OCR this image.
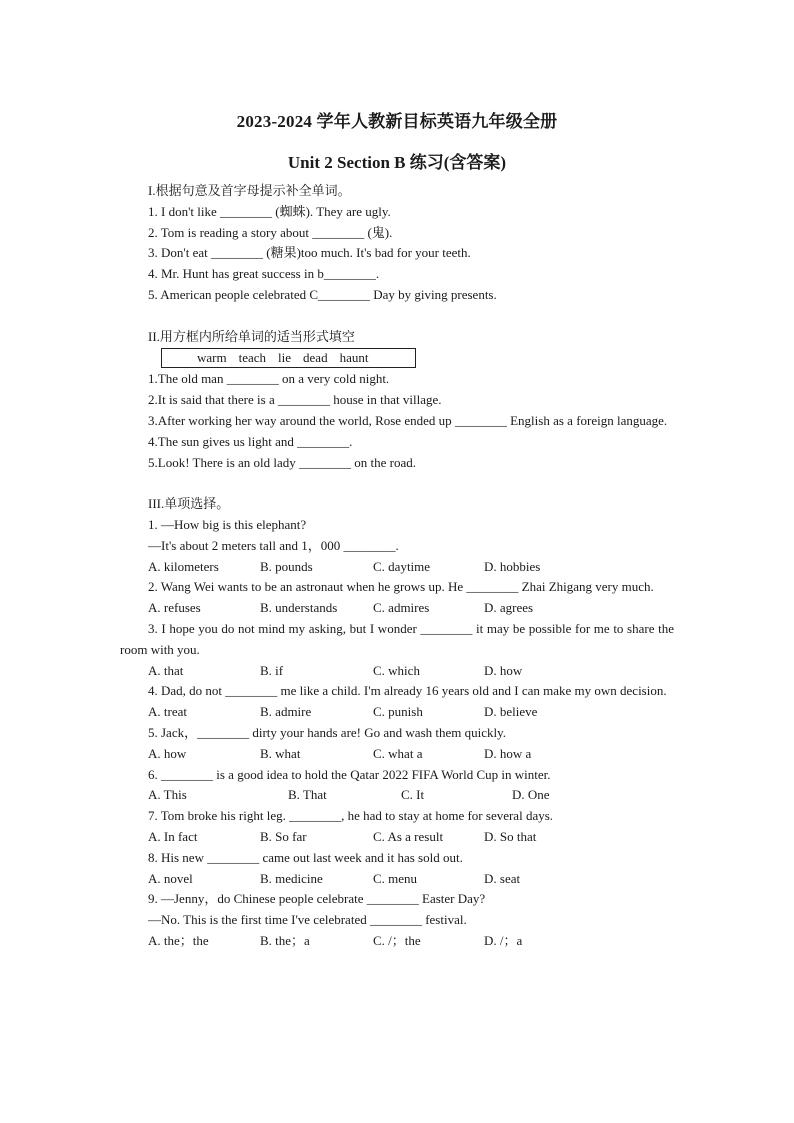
2023-2024 学年人教新目标英语九年级全册
Unit 2 Section B 练习(含答案)
I.根据句意及首字母提示补全单词。
1. I don't like ________ (蜘蛛). They are ugly.
2. Tom is reading a story about ________ (鬼).
3. Don't eat ________ (糖果)too much. It's bad for your teeth.
4. Mr. Hunt has great success in b________.
5. American people celebrated C________ Day by giving presents.
II.用方框内所给单词的适当形式填空
warm teach lie dead haunt
1.The old man ________ on a very cold night.
2.It is said that there is a ________ house in that village.
3.After working her way around the world, Rose ended up ________ English as a foreign language.
4.The sun gives us light and ________.
5.Look! There is an old lady ________ on the road.
III.单项选择。
1. —How big is this elephant?
—It's about 2 meters tall and 1，000 ________.
A. kilometers	B. pounds	C. daytime	D. hobbies
2. Wang Wei wants to be an astronaut when he grows up. He ________ Zhai Zhigang very much.
A. refuses	B. understands	C. admires	D. agrees
3. I hope you do not mind my asking, but I wonder ________ it may be possible for me to share the room with you.
A. that	B. if	C. which	D. how
4. Dad, do not ________ me like a child. I'm already 16 years old and I can make my own decision.
A. treat	B. admire	C. punish	D. believe
5. Jack，________ dirty your hands are! Go and wash them quickly.
A. how	B. what	C. what a	D. how a
6. ________ is a good idea to hold the Qatar 2022 FIFA World Cup in winter.
A. This	B. That	C. It	D. One
7. Tom broke his right leg. ________, he had to stay at home for several days.
A. In fact	B. So far	C. As a result	D. So that
8. His new ________ came out last week and it has sold out.
A. novel	B. medicine	C. menu	D. seat
9. —Jenny，do Chinese people celebrate ________ Easter Day?
—No. This is the first time I've celebrated ________ festival.
A. the；the	B. the；a	C. /；the	D. /；a
